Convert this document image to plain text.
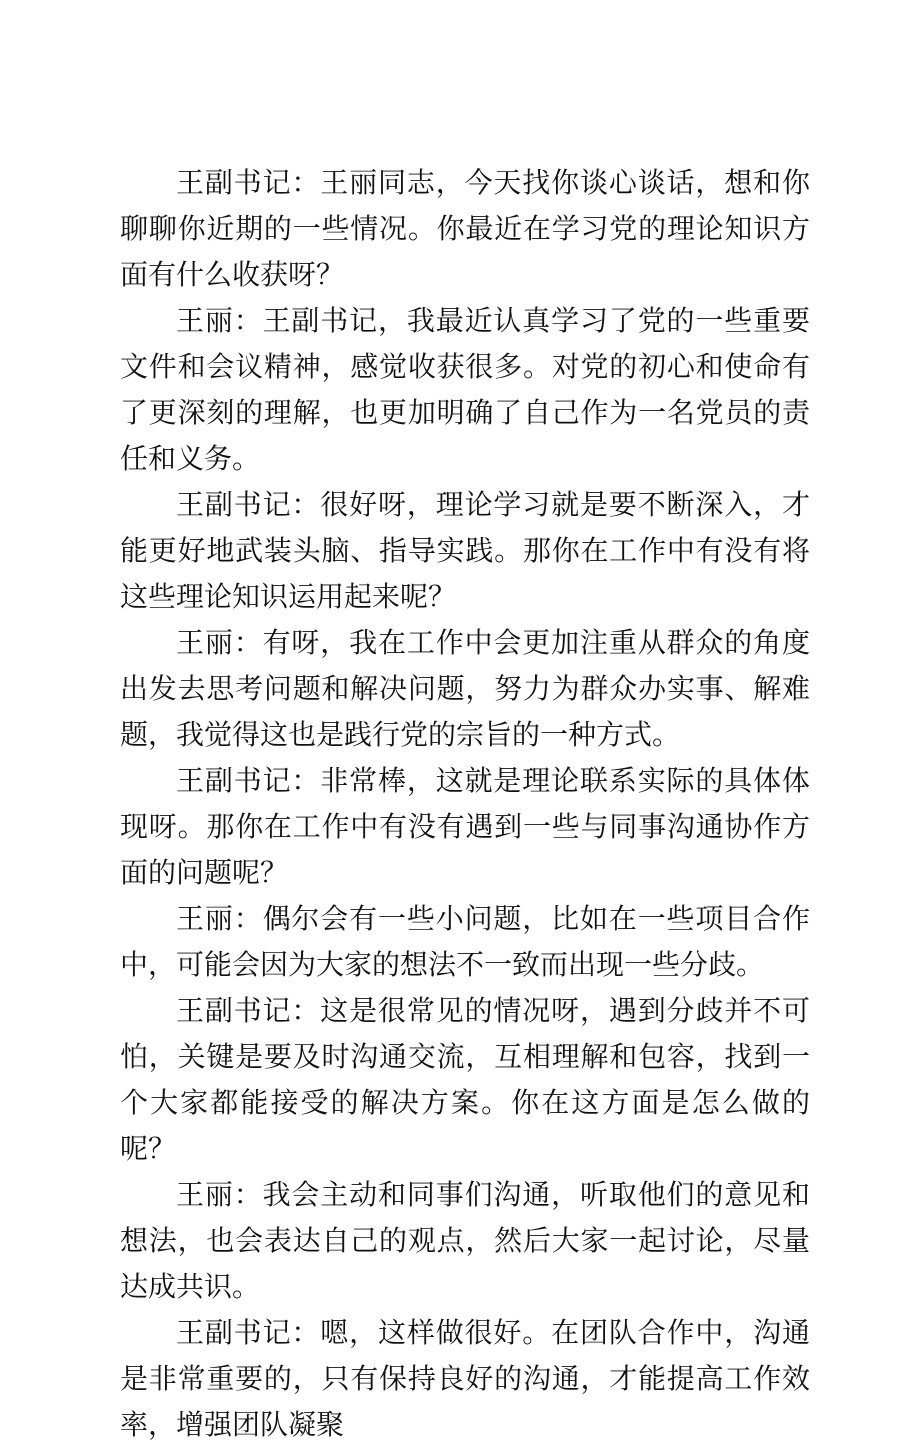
王副书记：王丽同志，今天找你谈心谈话，想和你聊聊你近期的一些情况。你最近在学习党的理论知识方面有什么收获呀？

王丽：王副书记，我最近认真学习了党的一些重要文件和会议精神，感觉收获很多。对党的初心和使命有了更深刻的理解，也更加明确了自己作为一名党员的责任和义务。

王副书记：很好呀，理论学习就是要不断深入，才能更好地武装头脑、指导实践。那你在工作中有没有将这些理论知识运用起来呢？

王丽：有呀，我在工作中会更加注重从群众的角度出发去思考问题和解决问题，努力为群众办实事、解难题，我觉得这也是践行党的宗旨的一种方式。

王副书记：非常棒，这就是理论联系实际的具体体现呀。那你在工作中有没有遇到一些与同事沟通协作方面的问题呢？

王丽：偶尔会有一些小问题，比如在一些项目合作中，可能会因为大家的想法不一致而出现一些分歧。

王副书记：这是很常见的情况呀，遇到分歧并不可怕，关键是要及时沟通交流，互相理解和包容，找到一个大家都能接受的解决方案。你在这方面是怎么做的呢？

王丽：我会主动和同事们沟通，听取他们的意见和想法，也会表达自己的观点，然后大家一起讨论，尽量达成共识。

王副书记：嗯，这样做很好。在团队合作中，沟通是非常重要的，只有保持良好的沟通，才能提高工作效率，增强团队凝聚
